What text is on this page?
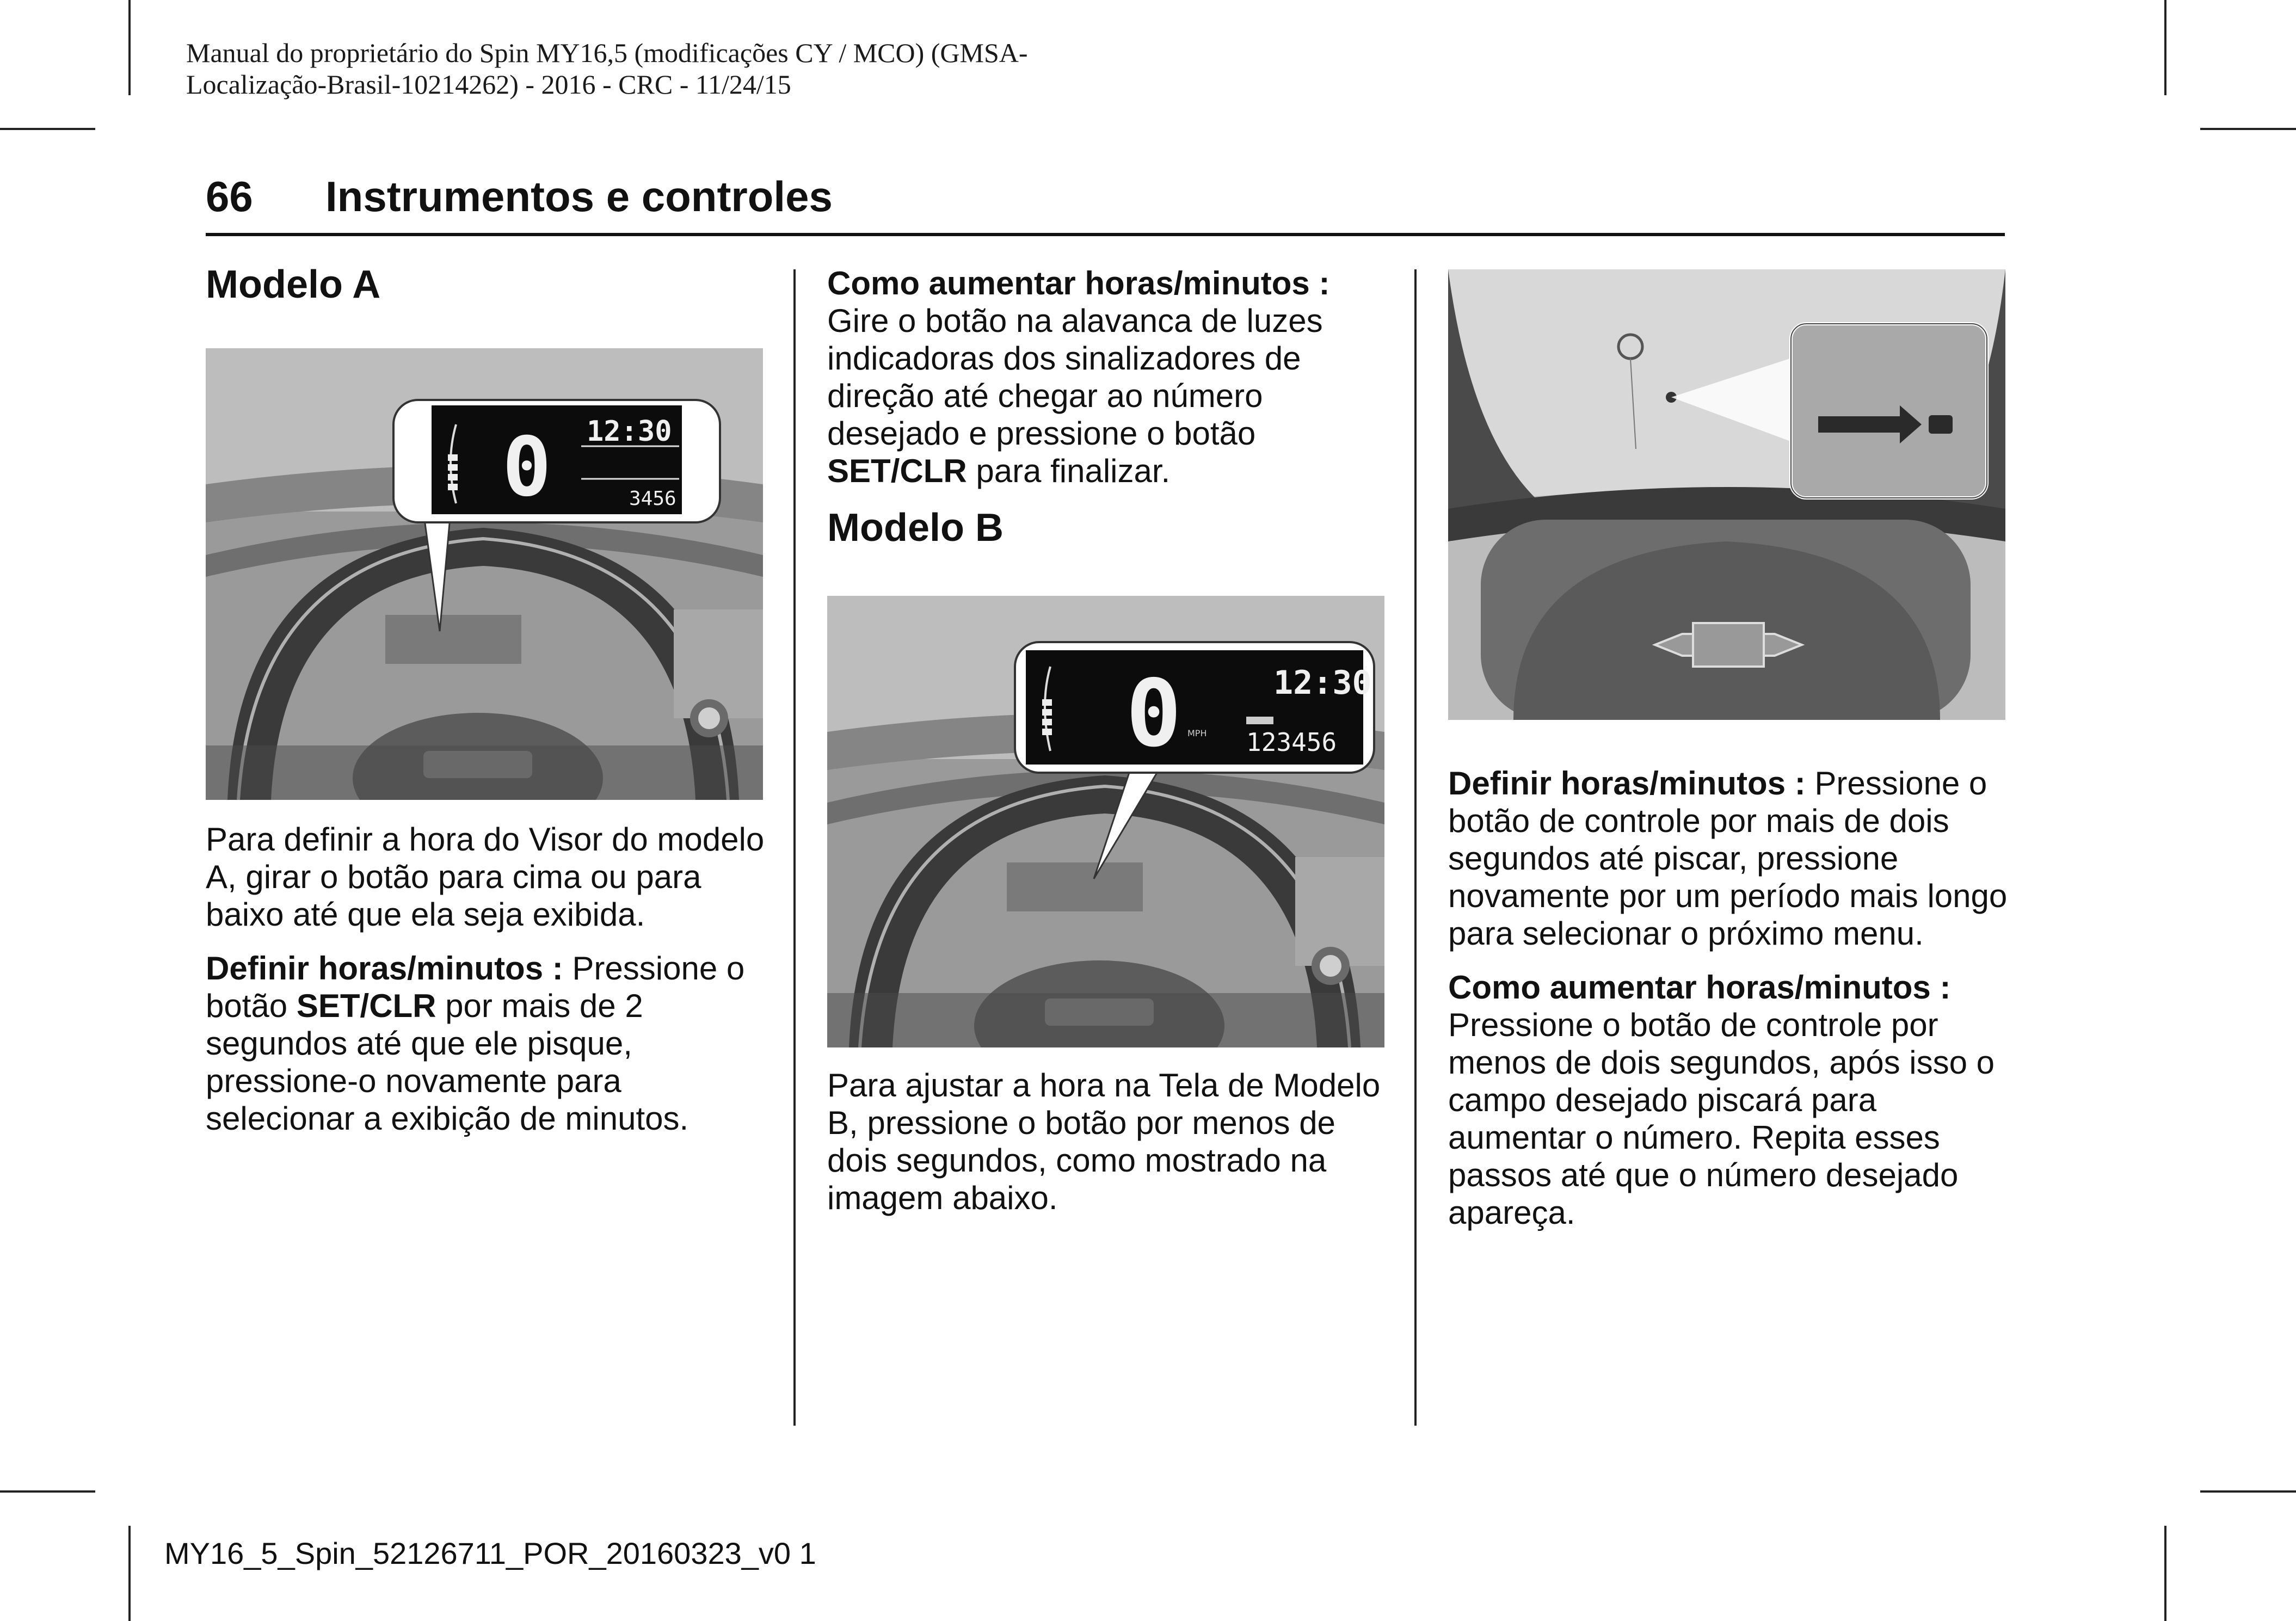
Manual do proprietário do Spin MY16,5 (modificações CY / MCO) (GMSA-
Localização-Brasil-10214262) - 2016 - CRC - 11/24/15
66 Instrumentos e controles
Modelo A
0 12:30
3456

Para definir a hora do Visor do modelo A, girar o botão para cima ou para baixo até que ela seja exibida.

Definir horas/minutos : Pressione o botão SET/CLR por mais de 2 segundos até que ele pisque, pressione-o novamente para selecionar a exibição de minutos.

Como aumentar horas/minutos : Gire o botão na alavanca de luzes indicadoras dos sinalizadores de direção até chegar ao número desejado e pressione o botão SET/CLR para finalizar.

Modelo B
0 MPH
12:30
123456

Para ajustar a hora na Tela de Modelo B, pressione o botão por menos de dois segundos, como mostrado na imagem abaixo.

Definir horas/minutos : Pressione o botão de controle por mais de dois segundos até piscar, pressione novamente por um período mais longo para selecionar o próximo menu.

Como aumentar horas/minutos : Pressione o botão de controle por menos de dois segundos, após isso o campo desejado piscará para aumentar o número. Repita esses passos até que o número desejado apareça.

MY16_5_Spin_52126711_POR_20160323_v0 1
